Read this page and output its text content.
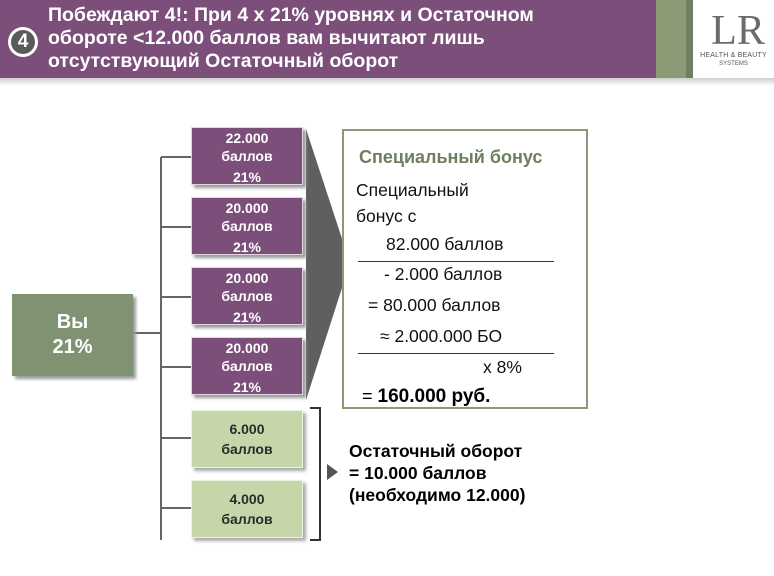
4
Побеждают 4!: При 4 х 21% уровнях и Остаточном
обороте <12.000 баллов вам вычитают лишь
отсутствующий Остаточный оборот
LR
HEALTH & BEAUTY
SYSTEMS
Вы
21%
22.000
баллов
21%
20.000
баллов
21%
20.000
баллов
21%
20.000
баллов
21%
6.000
баллов
4.000
баллов
Специальный бонус
Специальный
бонус с
82.000 баллов
- 2.000 баллов
= 80.000 баллов
≈ 2.000.000 БО
х 8%
= 160.000 руб.
Остаточный оборот
= 10.000 баллов
(необходимо 12.000)
